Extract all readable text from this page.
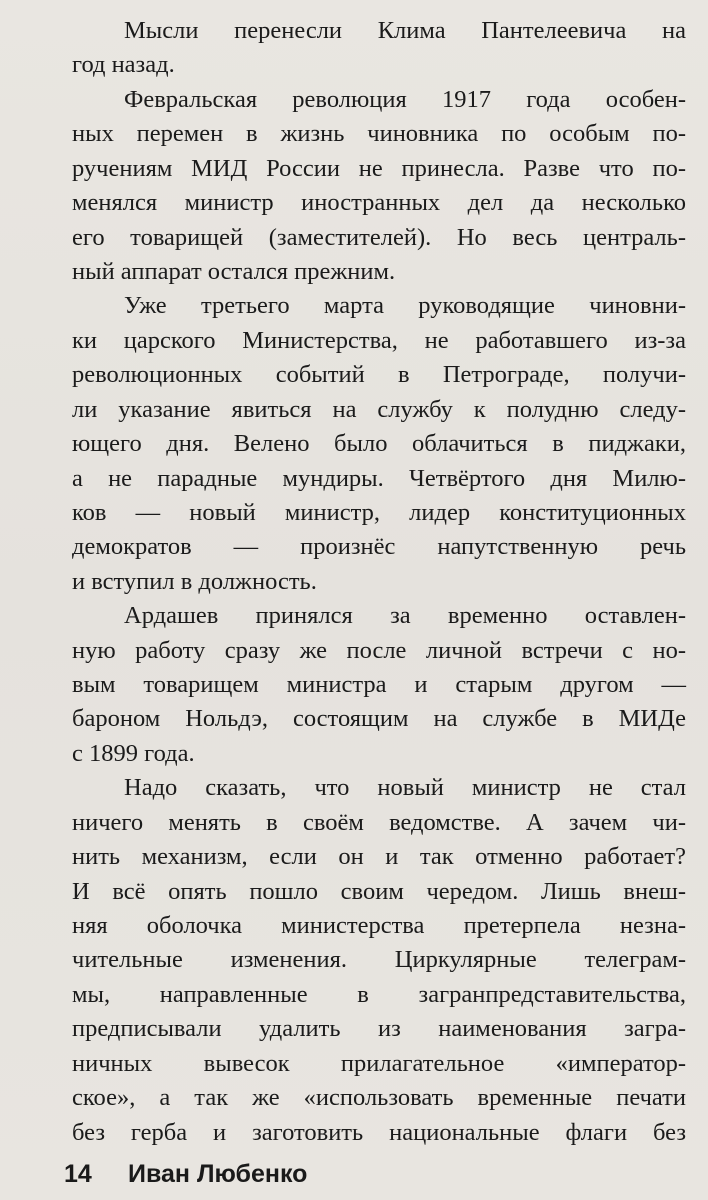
Мысли перенесли Клима Пантелеевича на
год назад.
Февральская революция 1917 года особен-
ных перемен в жизнь чиновника по особым по-
ручениям МИД России не принесла. Разве что по-
менялся министр иностранных дел да несколько
его товарищей (заместителей). Но весь централь-
ный аппарат остался прежним.
Уже третьего марта руководящие чиновни-
ки царского Министерства, не работавшего из-за
революционных событий в Петрограде, получи-
ли указание явиться на службу к полудню следу-
ющего дня. Велено было облачиться в пиджаки,
а не парадные мундиры. Четвёртого дня Милю-
ков — новый министр, лидер конституционных
демократов — произнёс напутственную речь
и вступил в должность.
Ардашев принялся за временно оставлен-
ную работу сразу же после личной встречи с но-
вым товарищем министра и старым другом —
бароном Нольдэ, состоящим на службе в МИДе
с 1899 года.
Надо сказать, что новый министр не стал
ничего менять в своём ведомстве. А зачем чи-
нить механизм, если он и так отменно работает?
И всё опять пошло своим чередом. Лишь внеш-
няя оболочка министерства претерпела незна-
чительные изменения. Циркулярные телеграм-
мы, направленные в загранпредставительства,
предписывали удалить из наименования загра-
ничных вывесок прилагательное «император-
ское», а так же «использовать временные печати
без герба и заготовить национальные флаги без
14 Иван Любенко
